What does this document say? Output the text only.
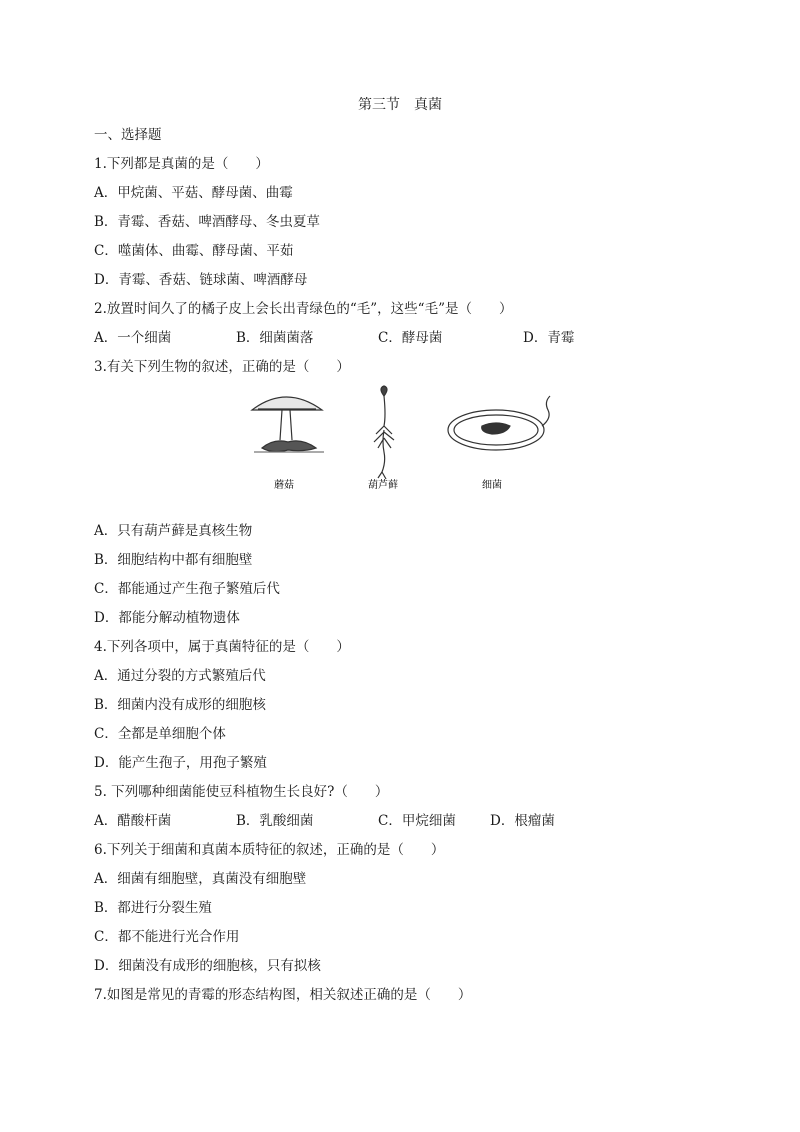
第三节　真菌
一、选择题
1.下列都是真菌的是（　　）
A．甲烷菌、平菇、酵母菌、曲霉
B．青霉、香菇、啤酒酵母、冬虫夏草
C．噬菌体、曲霉、酵母菌、平茹
D．青霉、香菇、链球菌、啤酒酵母
2.放置时间久了的橘子皮上会长出青绿色的“毛”，这些“毛”是（　　）
A．一个细菌	B．细菌菌落	C．酵母菌	D．青霉
3.有关下列生物的叙述，正确的是（　　）
蘑菇	葫芦藓	细菌
A．只有葫芦藓是真核生物
B．细胞结构中都有细胞壁
C．都能通过产生孢子繁殖后代
D．都能分解动植物遗体
4.下列各项中，属于真菌特征的是（　　）
A．通过分裂的方式繁殖后代
B．细菌内没有成形的细胞核
C．全都是单细胞个体
D．能产生孢子，用孢子繁殖
5. 下列哪种细菌能使豆科植物生长良好?（　　）
A．醋酸杆菌	B．乳酸细菌	C．甲烷细菌	D．根瘤菌
6.下列关于细菌和真菌本质特征的叙述，正确的是（　　）
A．细菌有细胞壁，真菌没有细胞壁
B．都进行分裂生殖
C．都不能进行光合作用
D．细菌没有成形的细胞核，只有拟核
7.如图是常见的青霉的形态结构图，相关叙述正确的是（　　）
